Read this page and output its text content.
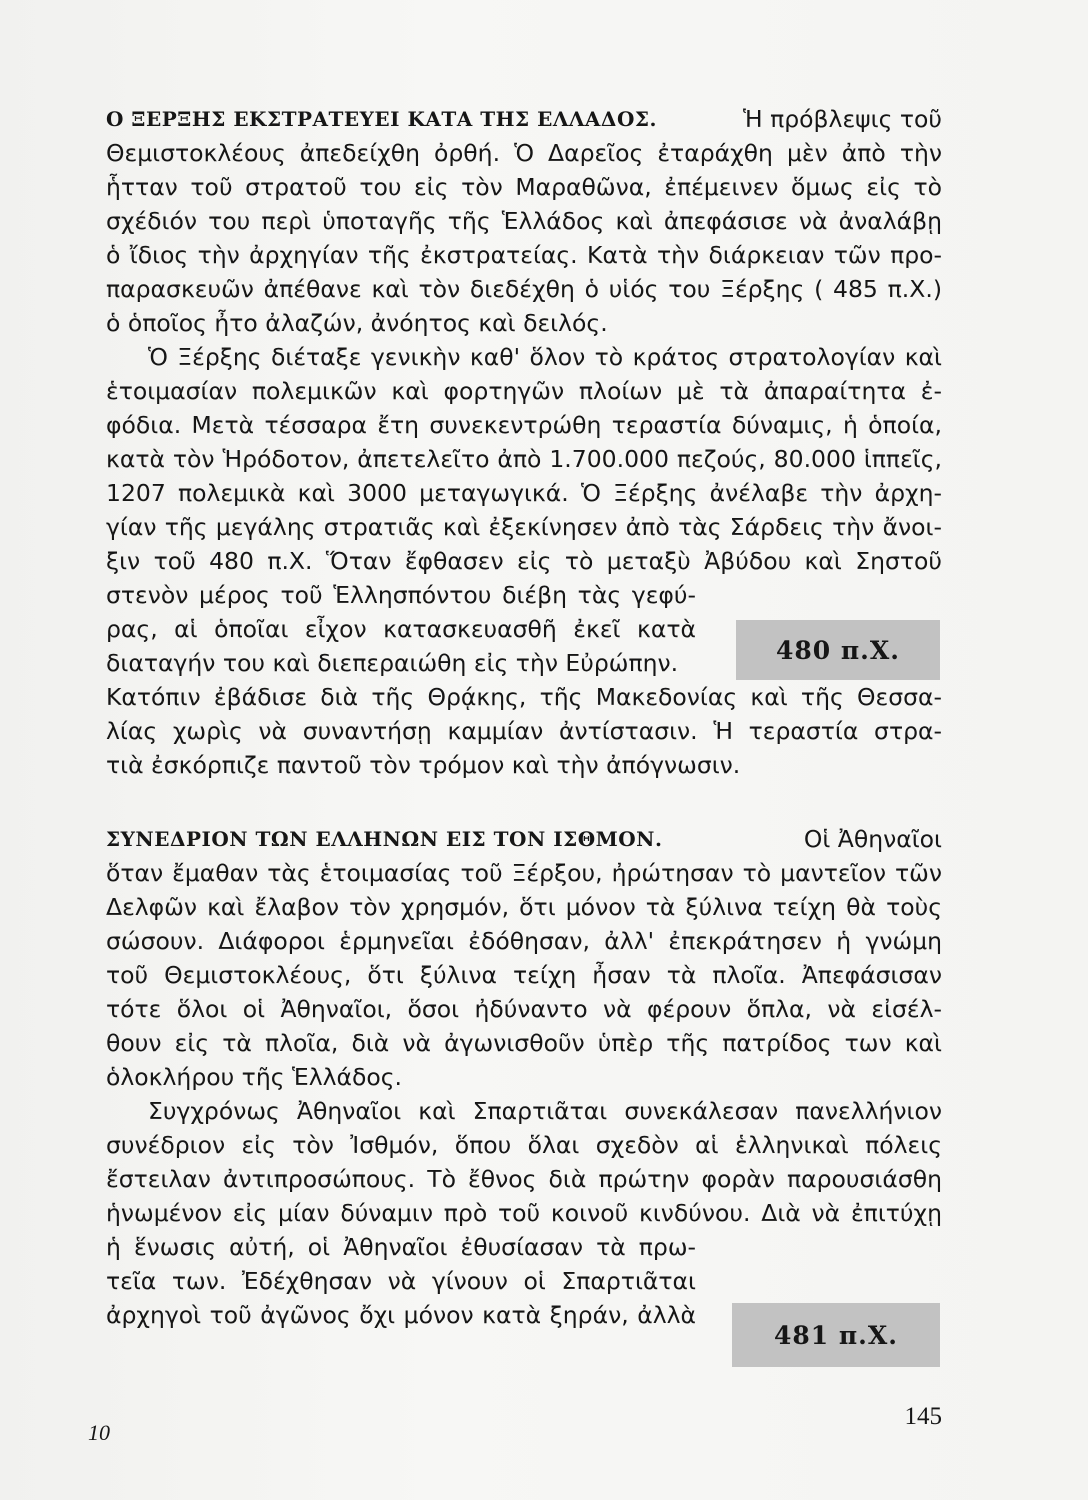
Ο ΞΕΡΞΗΣ ΕΚΣΤΡΑΤΕΥΕΙ ΚΑΤΑ ΤΗΣ ΕΛΛΑΔΟΣ.	Ἡ πρόβλεψις τοῦ
Θεμιστοκλέους ἀπεδείχθη ὀρθή. Ὁ Δαρεῖος ἐταράχθη μὲν ἀπὸ τὴν
ἧτταν τοῦ στρατοῦ του εἰς τὸν Μαραθῶνα, ἐπέμεινεν ὅμως εἰς τὸ
σχέδιόν του περὶ ὑποταγῆς τῆς Ἑλλάδος καὶ ἀπεφάσισε νὰ ἀναλάβῃ
ὁ ἴδιος τὴν ἀρχηγίαν τῆς ἐκστρατείας. Κατὰ τὴν διάρκειαν τῶν προ-
παρασκευῶν ἀπέθανε καὶ τὸν διεδέχθη ὁ υἱός του Ξέρξης ( 485 π.Χ.)
ὁ ὁποῖος ἦτο ἀλαζών, ἀνόητος καὶ δειλός.
Ὁ Ξέρξης διέταξε γενικὴν καθ' ὅλον τὸ κράτος στρατολογίαν καὶ
ἑτοιμασίαν πολεμικῶν καὶ φορτηγῶν πλοίων μὲ τὰ ἀπαραίτητα ἐ-
φόδια. Μετὰ τέσσαρα ἔτη συνεκεντρώθη τεραστία δύναμις, ἡ ὁποία,
κατὰ τὸν Ἡρόδοτον, ἀπετελεῖτο ἀπὸ 1.700.000 πεζούς, 80.000 ἱππεῖς,
1207 πολεμικὰ καὶ 3000 μεταγωγικά. Ὁ Ξέρξης ἀνέλαβε τὴν ἀρχη-
γίαν τῆς μεγάλης στρατιᾶς καὶ ἐξεκίνησεν ἀπὸ τὰς Σάρδεις τὴν ἄνοι-
ξιν τοῦ 480 π.Χ. Ὅταν ἔφθασεν εἰς τὸ μεταξὺ Ἀβύδου καὶ Σηστοῦ
στενὸν μέρος τοῦ Ἑλλησπόντου διέβη τὰς γεφύ-
ρας, αἱ ὁποῖαι εἶχον κατασκευασθῆ ἐκεῖ κατὰ
διαταγήν του καὶ διεπεραιώθη εἰς τὴν Εὐρώπην.
Κατόπιν ἐβάδισε διὰ τῆς Θρᾴκης, τῆς Μακεδονίας καὶ τῆς Θεσσα-
λίας χωρὶς νὰ συναντήσῃ καμμίαν ἀντίστασιν. Ἡ τεραστία στρα-
τιὰ ἐσκόρπιζε παντοῦ τὸν τρόμον καὶ τὴν ἀπόγνωσιν.
480 π.Χ.
ΣΥΝΕΔΡΙΟΝ ΤΩΝ ΕΛΛΗΝΩΝ ΕΙΣ ΤΟΝ ΙΣΘΜΟΝ.	Οἱ Ἀθηναῖοι
ὅταν ἔμαθαν τὰς ἑτοιμασίας τοῦ Ξέρξου, ἠρώτησαν τὸ μαντεῖον τῶν
Δελφῶν καὶ ἔλαβον τὸν χρησμόν, ὅτι μόνον τὰ ξύλινα τείχη θὰ τοὺς
σώσουν. Διάφοροι ἑρμηνεῖαι ἐδόθησαν, ἀλλ' ἐπεκράτησεν ἡ γνώμη
τοῦ Θεμιστοκλέους, ὅτι ξύλινα τείχη ἦσαν τὰ πλοῖα. Ἀπεφάσισαν
τότε ὅλοι οἱ Ἀθηναῖοι, ὅσοι ἠδύναντο νὰ φέρουν ὅπλα, νὰ εἰσέλ-
θουν εἰς τὰ πλοῖα, διὰ νὰ ἀγωνισθοῦν ὑπὲρ τῆς πατρίδος των καὶ
ὁλοκλήρου τῆς Ἑλλάδος.
Συγχρόνως Ἀθηναῖοι καὶ Σπαρτιᾶται συνεκάλεσαν πανελλήνιον
συνέδριον εἰς τὸν Ἰσθμόν, ὅπου ὅλαι σχεδὸν αἱ ἑλληνικαὶ πόλεις
ἔστειλαν ἀντιπροσώπους. Τὸ ἔθνος διὰ πρώτην φορὰν παρουσιάσθη
ἡνωμένον εἰς μίαν δύναμιν πρὸ τοῦ κοινοῦ κινδύνου. Διὰ νὰ ἐπιτύχῃ
ἡ ἕνωσις αὐτή, οἱ Ἀθηναῖοι ἐθυσίασαν τὰ πρω-
τεῖα των. Ἐδέχθησαν νὰ γίνουν οἱ Σπαρτιᾶται
ἀρχηγοὶ τοῦ ἀγῶνος ὄχι μόνον κατὰ ξηράν, ἀλλὰ
481 π.Χ.
145
10
